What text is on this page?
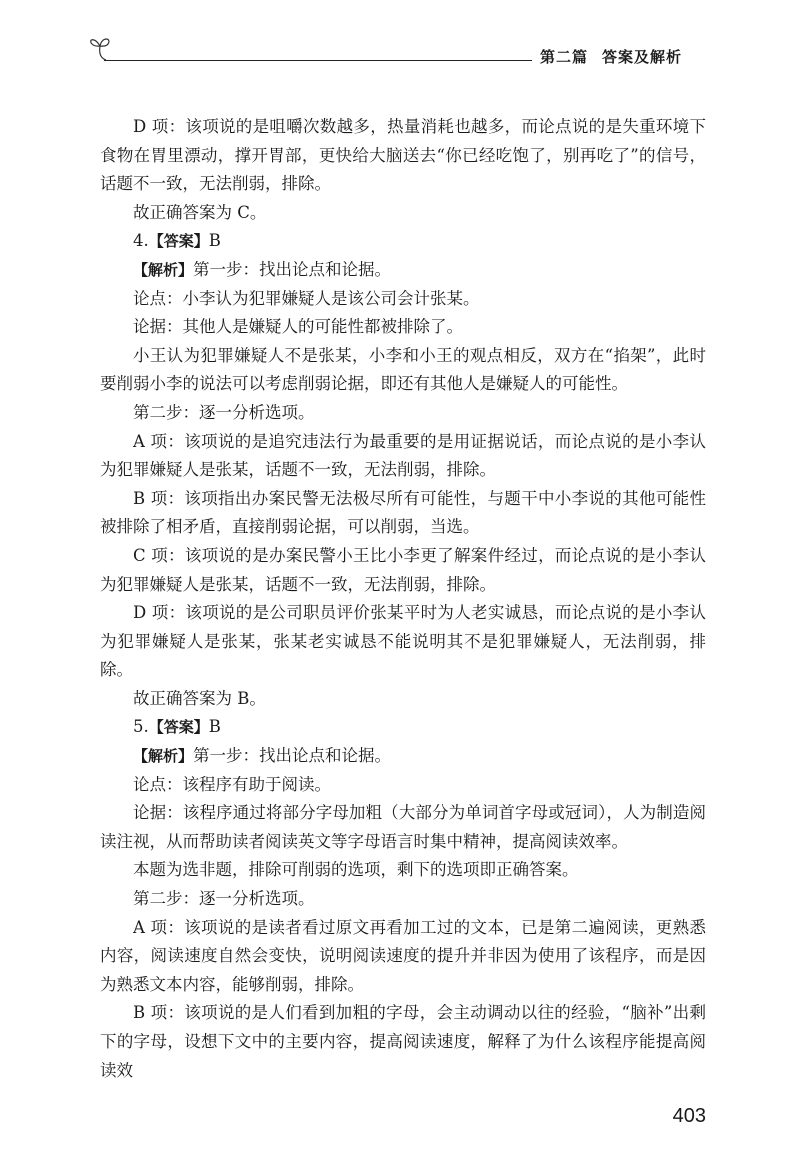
第二篇 答案及解析

D 项：该项说的是咀嚼次数越多，热量消耗也越多，而论点说的是失重环境下食物在胃里漂动，撑开胃部，更快给大脑送去“你已经吃饱了，别再吃了”的信号，话题不一致，无法削弱，排除。

故正确答案为 C。

4.【答案】B

【解析】第一步：找出论点和论据。

论点：小李认为犯罪嫌疑人是该公司会计张某。

论据：其他人是嫌疑人的可能性都被排除了。

小王认为犯罪嫌疑人不是张某，小李和小王的观点相反，双方在“掐架”，此时要削弱小李的说法可以考虑削弱论据，即还有其他人是嫌疑人的可能性。

第二步：逐一分析选项。

A 项：该项说的是追究违法行为最重要的是用证据说话，而论点说的是小李认为犯罪嫌疑人是张某，话题不一致，无法削弱，排除。

B 项：该项指出办案民警无法极尽所有可能性，与题干中小李说的其他可能性被排除了相矛盾，直接削弱论据，可以削弱，当选。

C 项：该项说的是办案民警小王比小李更了解案件经过，而论点说的是小李认为犯罪嫌疑人是张某，话题不一致，无法削弱，排除。

D 项：该项说的是公司职员评价张某平时为人老实诚恳，而论点说的是小李认为犯罪嫌疑人是张某，张某老实诚恳不能说明其不是犯罪嫌疑人，无法削弱，排除。

故正确答案为 B。

5.【答案】B

【解析】第一步：找出论点和论据。

论点：该程序有助于阅读。

论据：该程序通过将部分字母加粗（大部分为单词首字母或冠词），人为制造阅读注视，从而帮助读者阅读英文等字母语言时集中精神，提高阅读效率。

本题为选非题，排除可削弱的选项，剩下的选项即正确答案。

第二步：逐一分析选项。

A 项：该项说的是读者看过原文再看加工过的文本，已是第二遍阅读，更熟悉内容，阅读速度自然会变快，说明阅读速度的提升并非因为使用了该程序，而是因为熟悉文本内容，能够削弱，排除。

B 项：该项说的是人们看到加粗的字母，会主动调动以往的经验，“脑补”出剩下的字母，设想下文中的主要内容，提高阅读速度，解释了为什么该程序能提高阅读效

403
